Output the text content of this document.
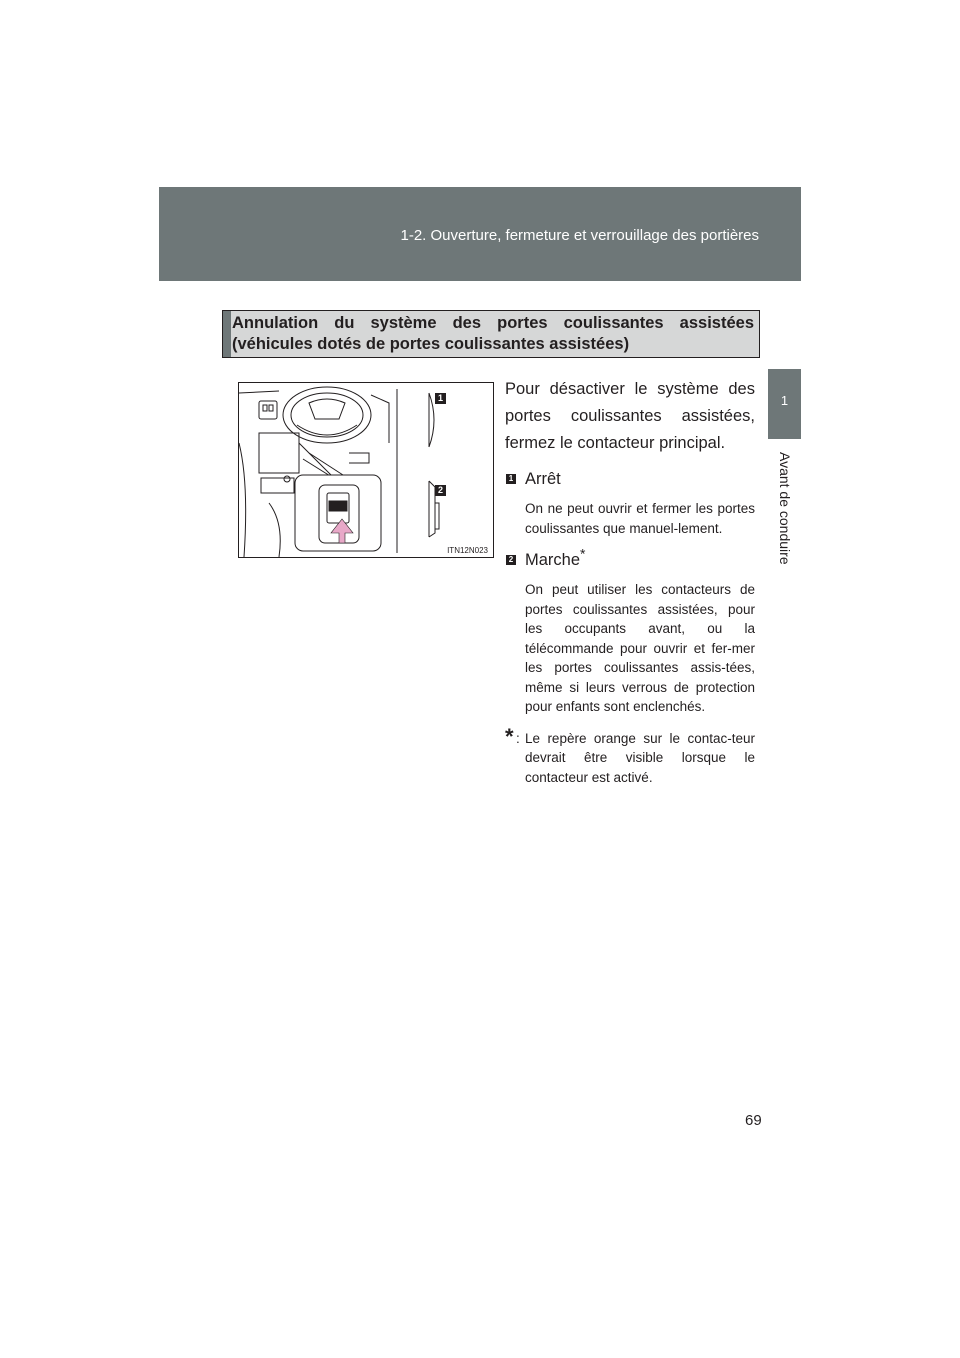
1-2. Ouverture, fermeture et verrouillage des portières
1
Avant de conduire
Annulation du système des portes coulissantes assistées (véhicules dotés de portes coulissantes assistées)
1
2
ITN12N023

Pour désactiver le système des portes coulissantes assistées, fermez le contacteur principal.

1 Arrêt
On ne peut ouvrir et fermer les portes coulissantes que manuel-lement.
2 Marche*
On peut utiliser les contacteurs de portes coulissantes assistées, pour les occupants avant, ou la télécommande pour ouvrir et fer-mer les portes coulissantes assis-tées, même si leurs verrous de protection pour enfants sont enclenchés.
* : Le repère orange sur le contac-teur devrait être visible lorsque le contacteur est activé.
69
